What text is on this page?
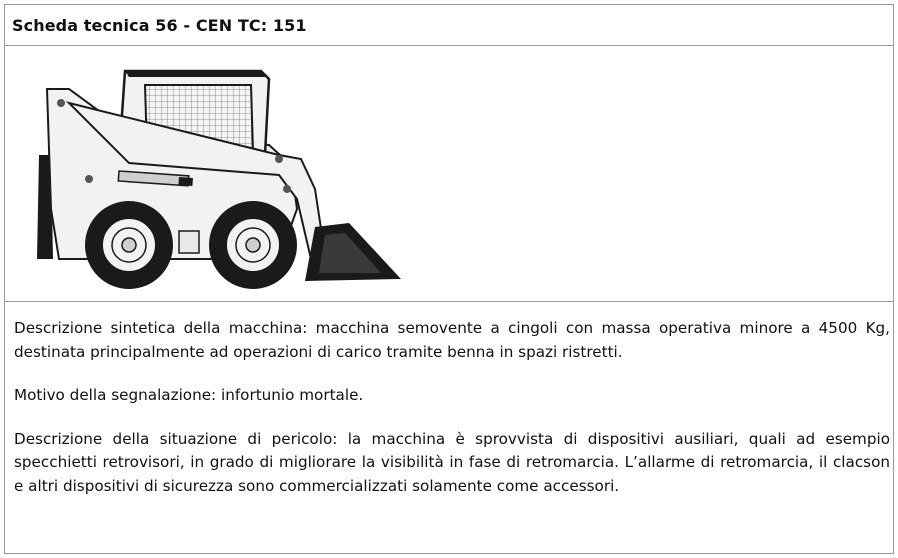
Scheda tecnica 56 - CEN TC: 151

Descrizione sintetica della macchina: macchina semovente a cingoli con massa operativa minore a 4500 Kg, destinata principalmente ad operazioni di carico tramite benna in spazi ristretti.

Motivo della segnalazione: infortunio mortale.

Descrizione della situazione di pericolo: la macchina è sprovvista di dispositivi ausiliari, quali ad esempio specchietti retrovisori, in grado di migliorare la visibilità in fase di retromarcia. L’allarme di retromarcia, il clacson e altri dispositivi di sicurezza sono commercializzati solamente come accessori.
